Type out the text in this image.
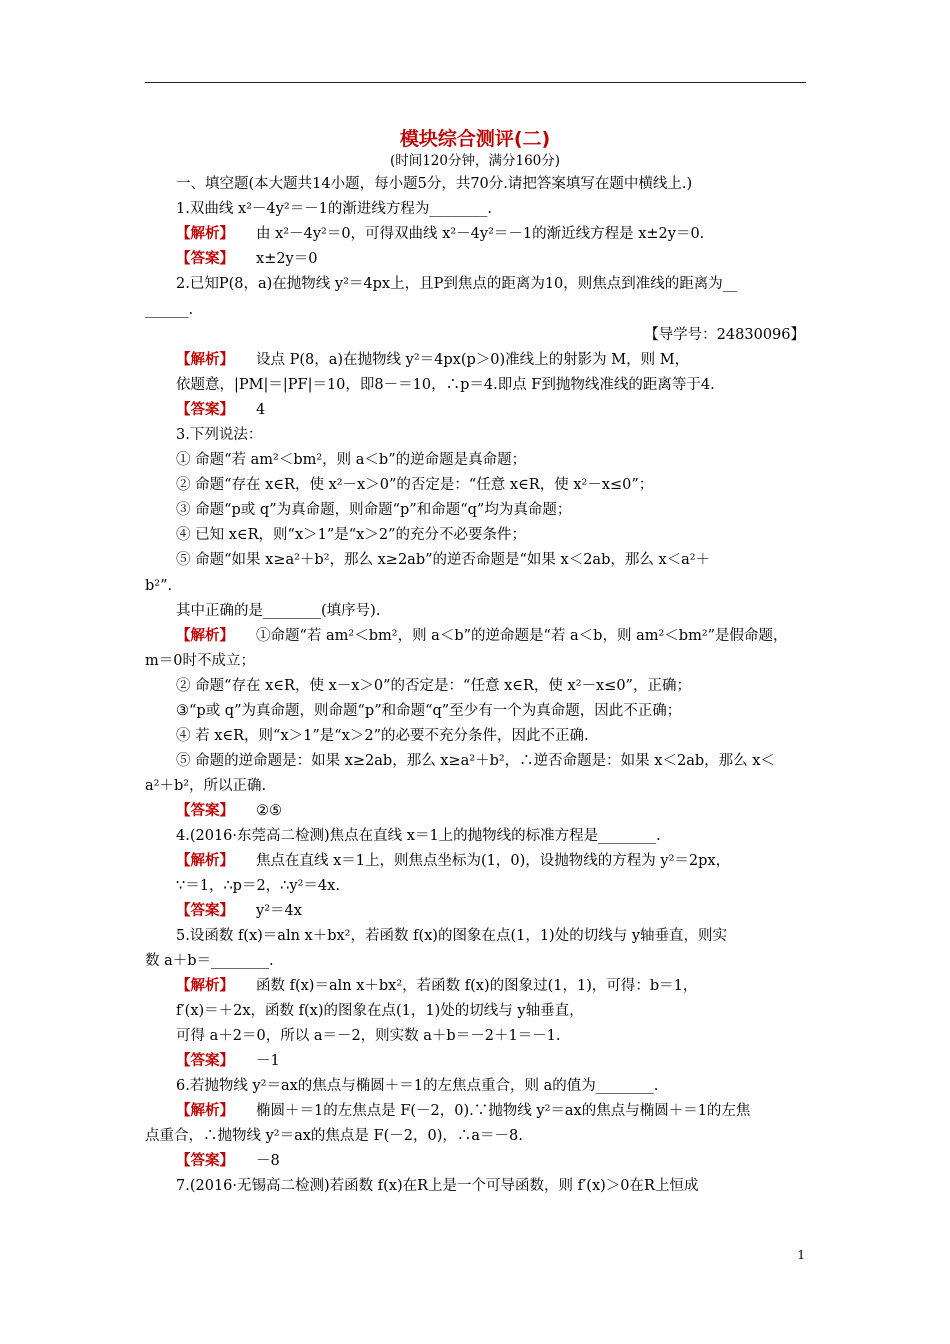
模块综合测评(二)
(时间120分钟，满分160分)
一、填空题(本大题共14小题，每小题5分，共70分.请把答案填写在题中横线上.)
1.双曲线 x²－4y²＝－1的渐进线方程为________.
【解析】 由 x²－4y²＝0，可得双曲线 x²－4y²＝－1的渐近线方程是 x±2y＝0.
【答案】 x±2y＝0
2.已知P(8，a)在抛物线 y²＝4px上，且P到焦点的距离为10，则焦点到准线的距离为__
______.
【导学号：24830096】
【解析】 设点 P(8，a)在抛物线 y²＝4px(p＞0)准线上的射影为 M，则 M，
依题意，|PM|＝|PF|＝10，即8－＝10，∴p＝4.即点 F到抛物线准线的距离等于4.
【答案】 4
3.下列说法：
① 命题“若 am²＜bm²，则 a＜b”的逆命题是真命题；
② 命题“存在 x∈R，使 x²－x＞0”的否定是：“任意 x∈R，使 x²－x≤0”；
③ 命题“p或 q”为真命题，则命题“p”和命题“q”均为真命题；
④ 已知 x∈R，则“x＞1”是“x＞2”的充分不必要条件；
⑤ 命题“如果 x≥a²＋b²，那么 x≥2ab”的逆否命题是“如果 x＜2ab，那么 x＜a²＋
b²”.
其中正确的是________(填序号).
【解析】 ①命题“若 am²＜bm²，则 a＜b”的逆命题是“若 a＜b，则 am²＜bm²”是假命题，
m＝0时不成立；
② 命题“存在 x∈R，使 x－x＞0”的否定是：“任意 x∈R，使 x²－x≤0”，正确；
③“p或 q”为真命题，则命题“p”和命题“q”至少有一个为真命题，因此不正确；
④ 若 x∈R，则“x＞1”是“x＞2”的必要不充分条件，因此不正确.
⑤ 命题的逆命题是：如果 x≥2ab，那么 x≥a²＋b²，∴逆否命题是：如果 x＜2ab，那么 x＜
a²＋b²，所以正确.
【答案】 ②⑤
4.(2016·东莞高二检测)焦点在直线 x＝1上的抛物线的标准方程是________.
【解析】 焦点在直线 x＝1上，则焦点坐标为(1，0)，设抛物线的方程为 y²＝2px，
∵＝1，∴p＝2，∴y²＝4x.
【答案】 y²＝4x
5.设函数 f(x)＝aln x＋bx²，若函数 f(x)的图象在点(1，1)处的切线与 y轴垂直，则实
数 a＋b＝________.
【解析】 函数 f(x)＝aln x＋bx²，若函数 f(x)的图象过(1，1)，可得：b＝1，
f′(x)＝＋2x，函数 f(x)的图象在点(1，1)处的切线与 y轴垂直，
可得 a＋2＝0，所以 a＝－2，则实数 a＋b＝－2＋1＝－1.
【答案】 －1
6.若抛物线 y²＝ax的焦点与椭圆＋＝1的左焦点重合，则 a的值为________.
【解析】 椭圆＋＝1的左焦点是 F(－2，0).∵抛物线 y²＝ax的焦点与椭圆＋＝1的左焦
点重合，∴抛物线 y²＝ax的焦点是 F(－2，0)，∴a＝－8.
【答案】 －8
7.(2016·无锡高二检测)若函数 f(x)在R上是一个可导函数，则 f′(x)＞0在R上恒成
1
